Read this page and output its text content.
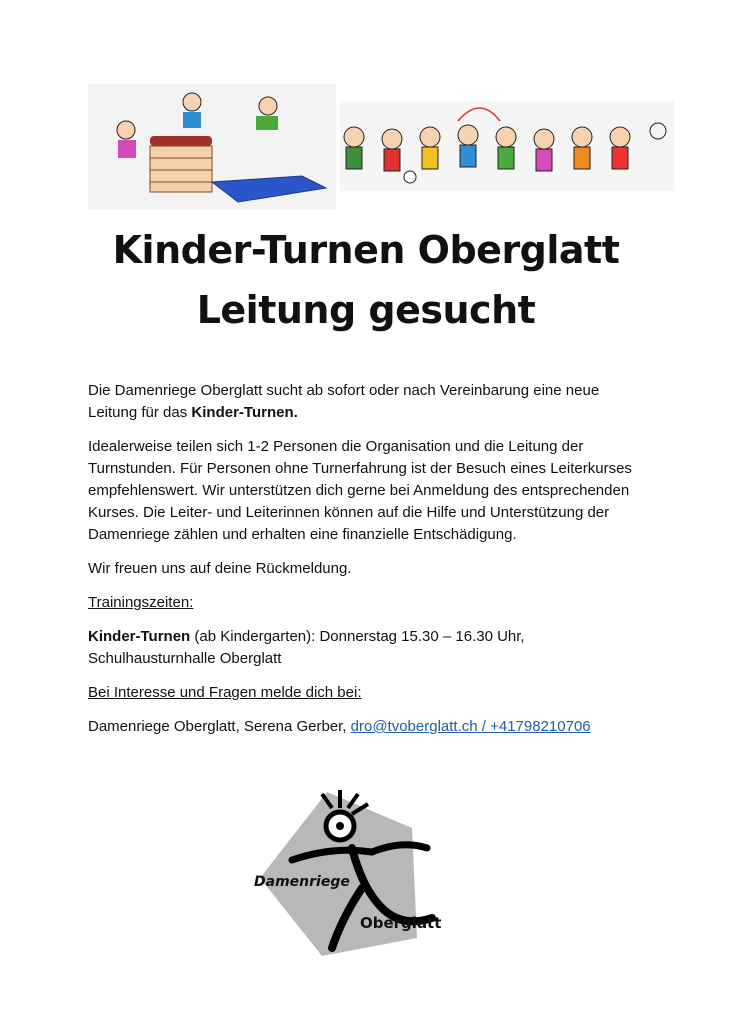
Kinder-Turnen Oberglatt
Leitung gesucht

Die Damenriege Oberglatt sucht ab sofort oder nach Vereinbarung eine neue Leitung für das Kinder-Turnen.

Idealerweise teilen sich 1-2 Personen die Organisation und die Leitung der Turnstunden. Für Personen ohne Turnerfahrung ist der Besuch eines Leiterkurses empfehlenswert. Wir unterstützen dich gerne bei Anmeldung des entsprechenden Kurses. Die Leiter- und Leiterinnen können auf die Hilfe und Unterstützung der Damenriege zählen und erhalten eine finanzielle Entschädigung.

Wir freuen uns auf deine Rückmeldung.

Trainingszeiten:

Kinder-Turnen (ab Kindergarten): Donnerstag 15.30 – 16.30 Uhr, Schulhausturnhalle Oberglatt

Bei Interesse und Fragen melde dich bei:

Damenriege Oberglatt, Serena Gerber, dro@tvoberglatt.ch / +41798210706

Damenriege
Oberglatt
